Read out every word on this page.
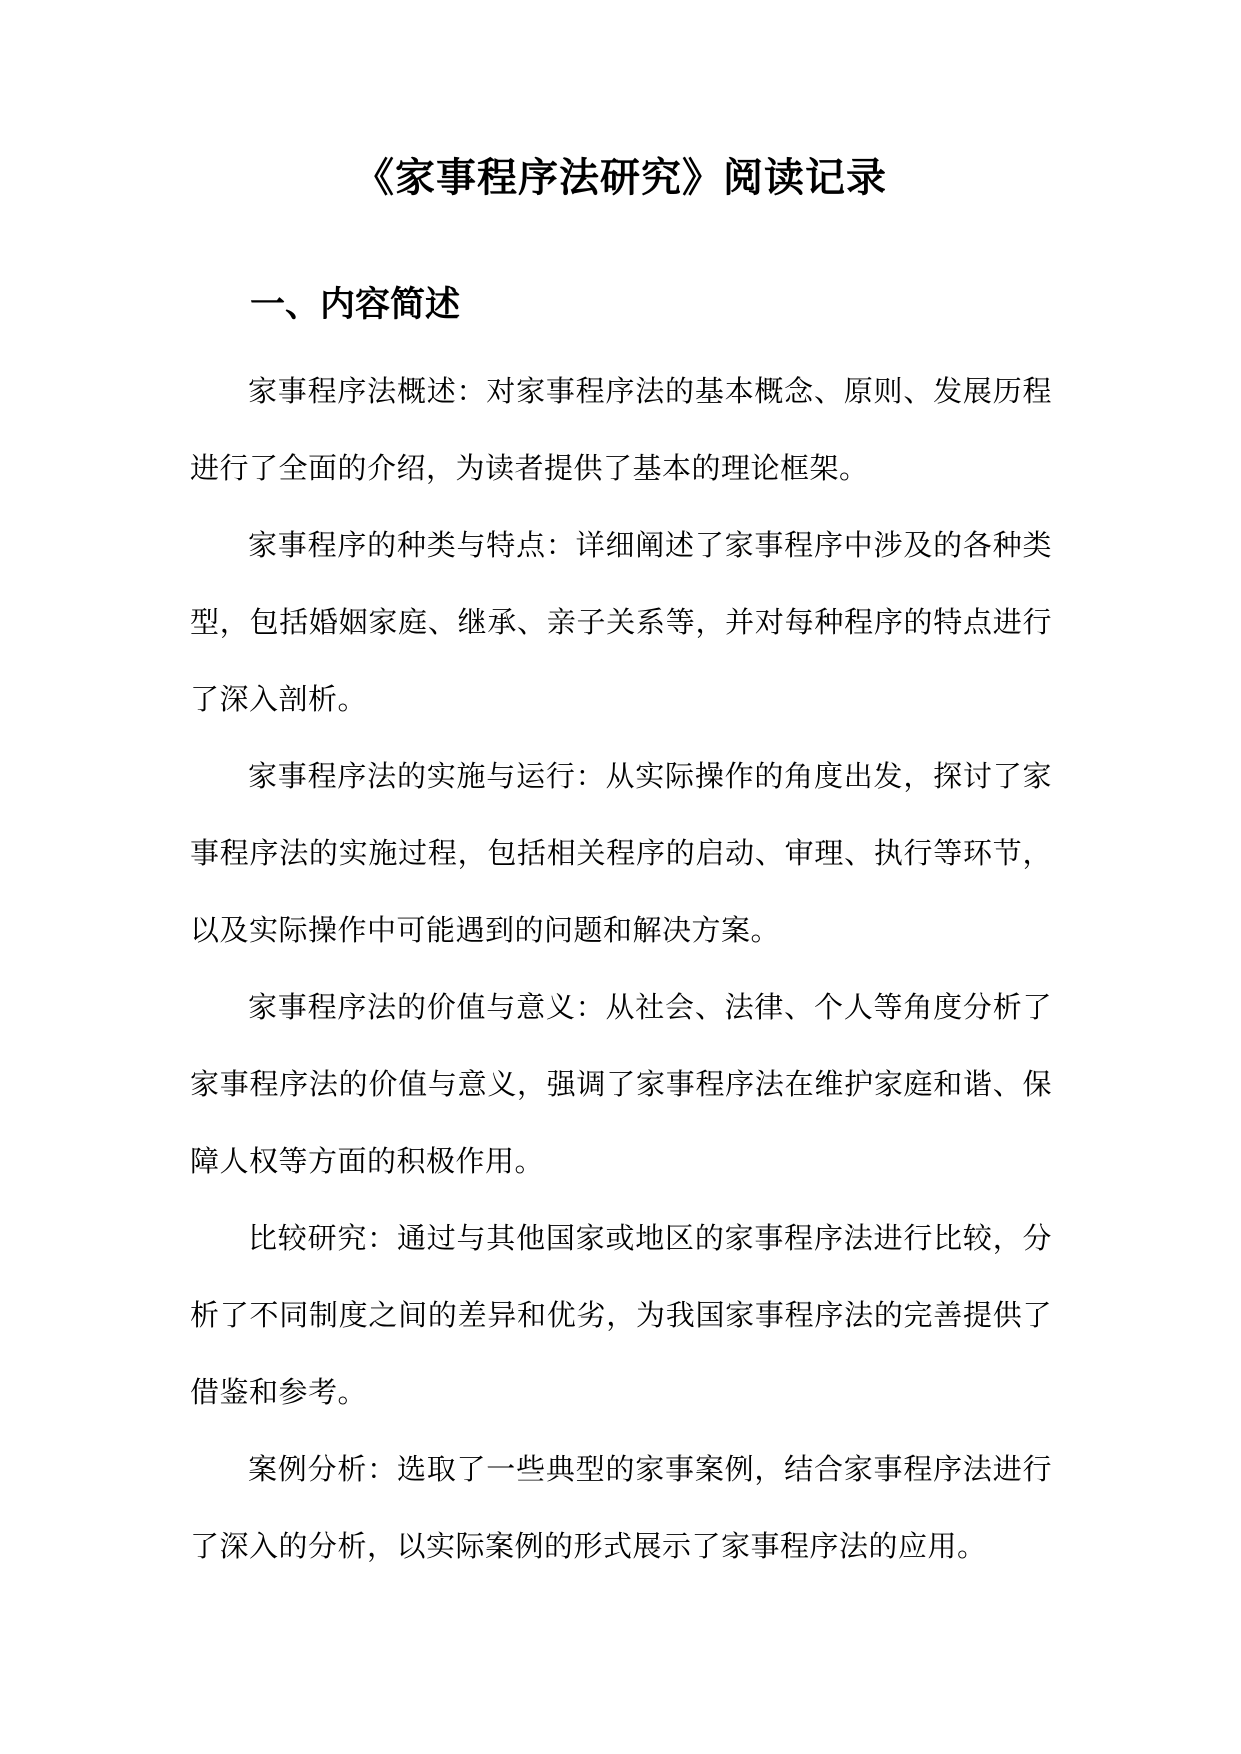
《家事程序法研究》阅读记录
一、内容简述

家事程序法概述：对家事程序法的基本概念、原则、发展历程进行了全面的介绍，为读者提供了基本的理论框架。

家事程序的种类与特点：详细阐述了家事程序中涉及的各种类型，包括婚姻家庭、继承、亲子关系等，并对每种程序的特点进行了深入剖析。

家事程序法的实施与运行：从实际操作的角度出发，探讨了家事程序法的实施过程，包括相关程序的启动、审理、执行等环节，以及实际操作中可能遇到的问题和解决方案。

家事程序法的价值与意义：从社会、法律、个人等角度分析了家事程序法的价值与意义，强调了家事程序法在维护家庭和谐、保障人权等方面的积极作用。

比较研究：通过与其他国家或地区的家事程序法进行比较，分析了不同制度之间的差异和优劣，为我国家事程序法的完善提供了借鉴和参考。

案例分析：选取了一些典型的家事案例，结合家事程序法进行了深入的分析，以实际案例的形式展示了家事程序法的应用。
